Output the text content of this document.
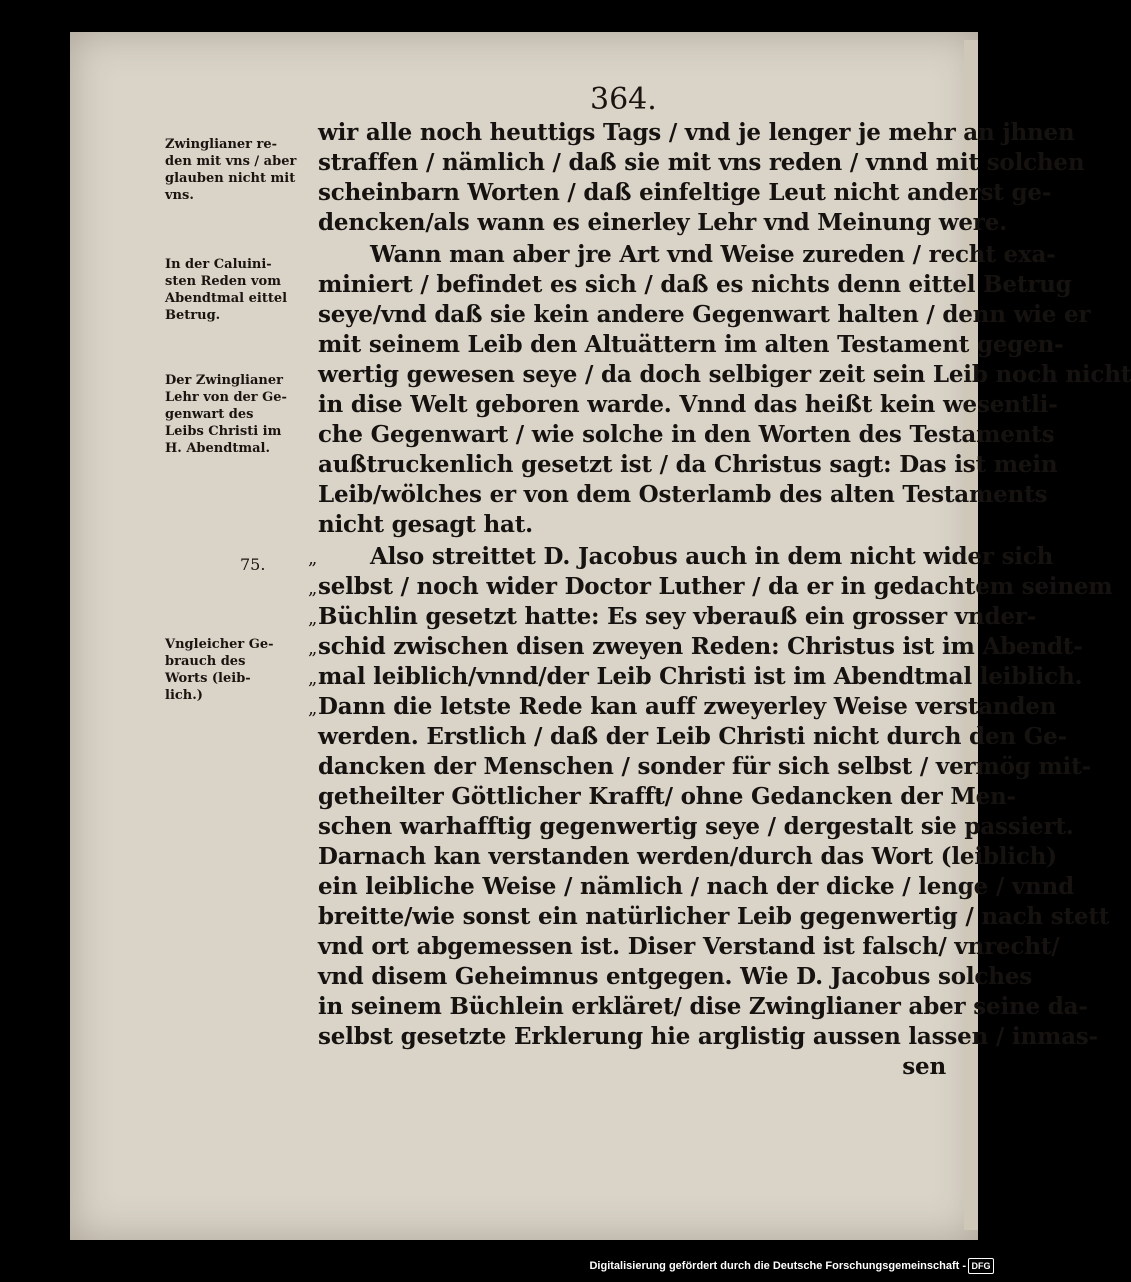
364.
Zwinglianer re-
den mit vns / aber
glauben nicht mit
vns.
In der Caluini-
sten Reden vom
Abendtmal eittel
Betrug.
Der Zwinglianer
Lehr von der Ge-
genwart des
Leibs Christi im
H. Abendtmal.
Vngleicher Ge-
brauch des
Worts (leib-
lich.)
75. „
„
„
„
„
„
wir alle noch heuttigs Tags / vnd je lenger je mehr an jhnen
straffen / nämlich / daß sie mit vns reden / vnnd mit solchen
scheinbarn Worten / daß einfeltige Leut nicht anderst ge-
dencken/als wann es einerley Lehr vnd Meinung were.
Wann man aber jre Art vnd Weise zureden / recht exa-
miniert / befindet es sich / daß es nichts denn eittel Betrug
seye/vnd daß sie kein andere Gegenwart halten / denn wie er
mit seinem Leib den Altuättern im alten Testament gegen-
wertig gewesen seye / da doch selbiger zeit sein Leib noch nicht
in dise Welt geboren warde. Vnnd das heißt kein wesentli-
che Gegenwart / wie solche in den Worten des Testaments
außtruckenlich gesetzt ist / da Christus sagt: Das ist mein
Leib/wölches er von dem Osterlamb des alten Testaments
nicht gesagt hat.
Also streittet D. Jacobus auch in dem nicht wider sich
selbst / noch wider Doctor Luther / da er in gedachtem seinem
Büchlin gesetzt hatte: Es sey vberauß ein grosser vnder-
schid zwischen disen zweyen Reden: Christus ist im Abendt-
mal leiblich/vnnd/der Leib Christi ist im Abendtmal leiblich.
Dann die letste Rede kan auff zweyerley Weise verstanden
werden. Erstlich / daß der Leib Christi nicht durch den Ge-
dancken der Menschen / sonder für sich selbst / vermög mit-
getheilter Göttlicher Krafft/ ohne Gedancken der Men-
schen warhafftig gegenwertig seye / dergestalt sie passiert.
Darnach kan verstanden werden/durch das Wort (leiblich)
ein leibliche Weise / nämlich / nach der dicke / lenge / vnnd
breitte/wie sonst ein natürlicher Leib gegenwertig / nach stett
vnd ort abgemessen ist. Diser Verstand ist falsch/ vnrecht/
vnd disem Geheimnus entgegen. Wie D. Jacobus solches
in seinem Büchlein erkläret/ dise Zwinglianer aber seine da-
selbst gesetzte Erklerung hie arglistig aussen lassen / inmas-
sen
Digitalisierung gefördert durch die Deutsche Forschungsgemeinschaft - DFG
